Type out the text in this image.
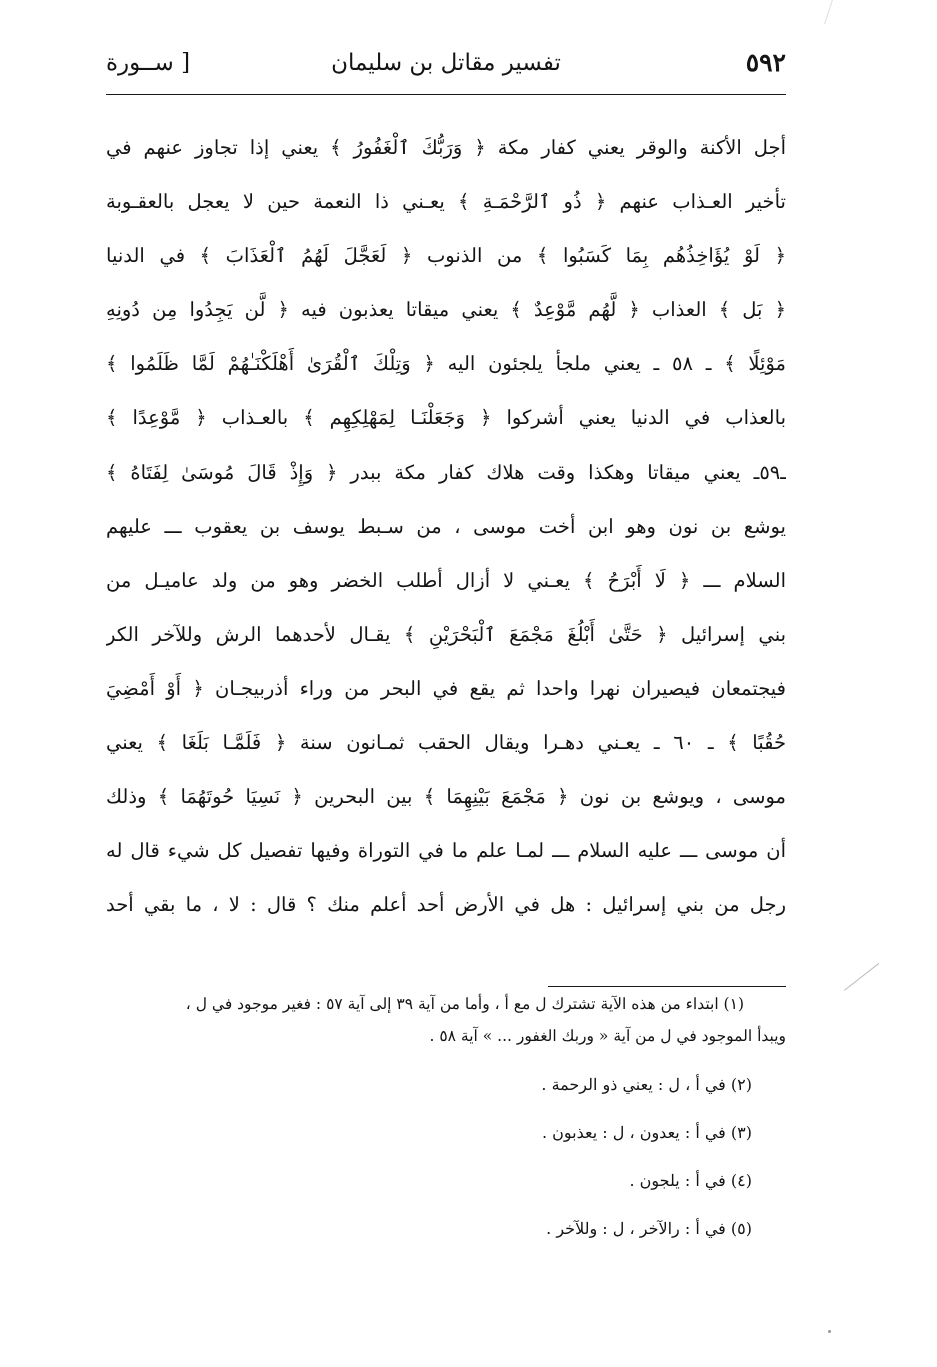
٥٩٢
تفسير مقاتل بن سليمان
[ ســورة
أجل الأكنة والوقر يعني كفار مكة ﴿ وَرَبُّكَ ٱلْغَفُورُ ﴾ يعني إذا تجاوز عنهم في
تأخير العـذاب عنهم ﴿ ذُو ٱلرَّحْمَـةِ ﴾ يعـني ذا النعمة حين لا يعجل بالعقـوبة
﴿ لَوْ يُؤَاخِذُهُم بِمَا كَسَبُوا ﴾ من الذنوب ﴿ لَعَجَّلَ لَهُمُ ٱلْعَذَابَ ﴾ في الدنيا
﴿ بَل ﴾ العذاب ﴿ لَّهُم مَّوْعِدٌ ﴾ يعني ميقاتا يعذبون فيه ﴿ لَّن يَجِدُوا مِن دُونِهِ
مَوْئِلًا ﴾ ـ ٥٨ ـ يعني ملجأ يلجئون اليه ﴿ وَتِلْكَ ٱلْقُرَىٰ أَهْلَكْنَـٰهُمْ لَمَّا ظَلَمُوا ﴾
بالعذاب في الدنيا يعني أشركوا ﴿ وَجَعَلْنَـا لِمَهْلِكِهِم ﴾ بالعـذاب ﴿ مَّوْعِدًا ﴾
ـ٥٩ـ يعني ميقاتا وهكذا وقت هلاك كفار مكة ببدر ﴿ وَإِذْ قَالَ مُوسَىٰ لِفَتَاهُ ﴾
يوشع بن نون وهو ابن أخت موسى ، من سـبط يوسف بن يعقوب ـــ عليهم
السلام ـــ ﴿ لَا أَبْرَحُ ﴾ يعـني لا أزال أطلب الخضر وهو من ولد عاميـل من
بني إسرائيل ﴿ حَتَّىٰ أَبْلُغَ مَجْمَعَ ٱلْبَحْرَيْنِ ﴾ يقـال لأحدهما الرش وللآخر الكر
فيجتمعان فيصيران نهرا واحدا ثم يقع في البحر من وراء أذربيجـان ﴿ أَوْ أَمْضِيَ
حُقُبًا ﴾ ـ ٦٠ ـ يعـني دهـرا ويقال الحقب ثمـانون سنة ﴿ فَلَمَّـا بَلَغَا ﴾ يعني
موسى ، ويوشع بن نون ﴿ مَجْمَعَ بَيْنِهِمَا ﴾ بين البحرين ﴿ نَسِيَا حُوتَهُمَا ﴾ وذلك
أن موسى ـــ عليه السلام ـــ لمـا علم ما في التوراة وفيها تفصيل كل شيء قال له
رجل من بني إسرائيل : هل في الأرض أحد أعلم منك ؟ قال : لا ، ما بقي أحد
(١) ابتداء من هذه الآية تشترك ل مع أ ، وأما من آية ٣٩ إلى آية ٥٧ : فغير موجود في ل ،
ويبدأ الموجود في ل من آية « وربك الغفور ... » آية ٥٨ .
(٢) في أ ، ل : يعني ذو الرحمة .
(٣) في أ : يعدون ، ل : يعذبون .
(٤) في أ : يلجون .
(٥) في أ : رالآخر ، ل : وللآخر .
